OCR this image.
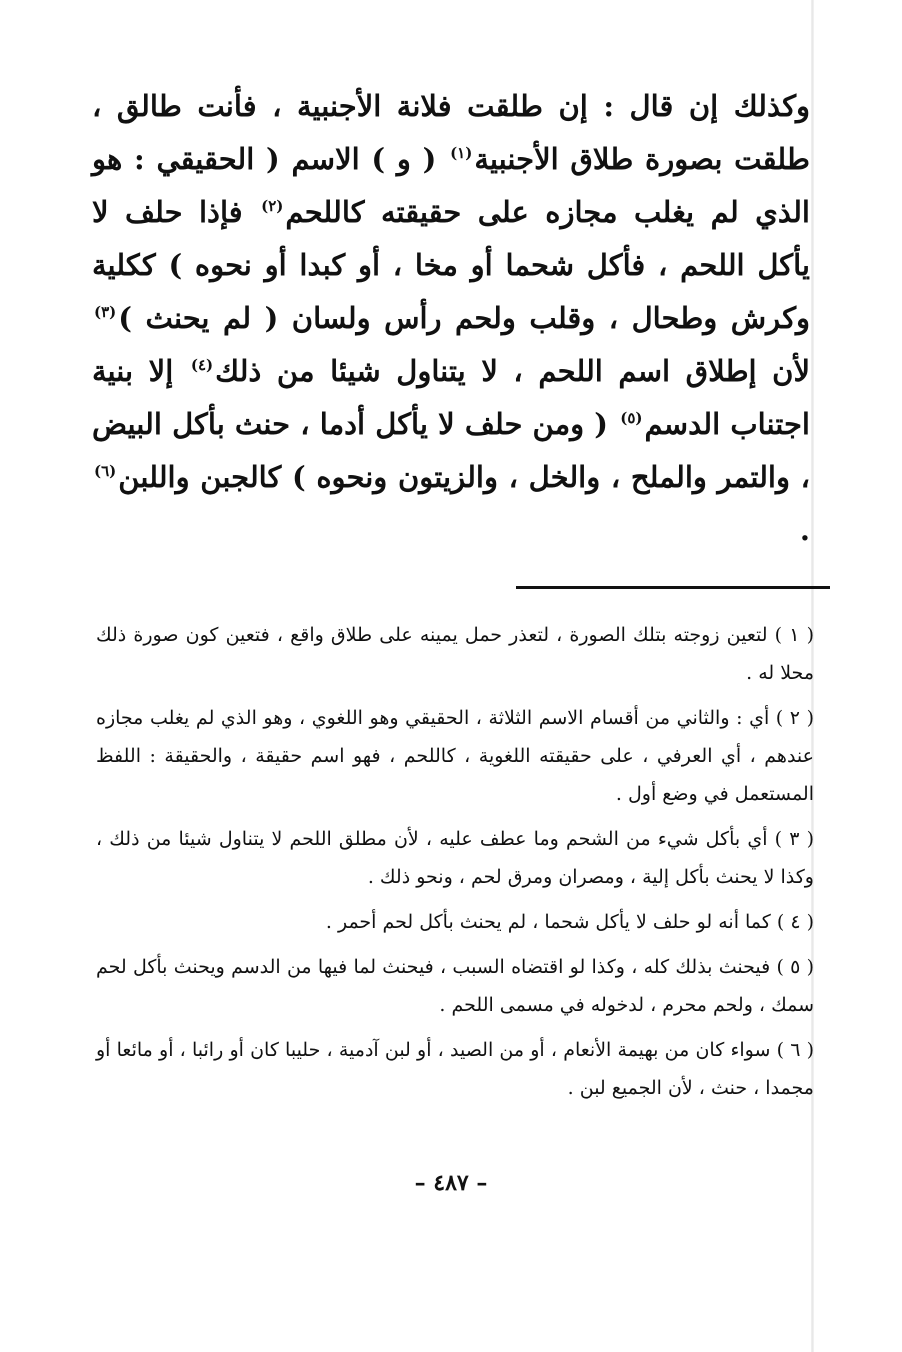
وكذلك إن قال : إن طلقت فلانة الأجنبية ، فأنت طالق ، طلقت بصورة طلاق الأجنبية$^{(١)}$ ( و ) الاسم ( الحقيقي : هو الذي لم يغلب مجازه على حقيقته كاللحم$^{(٢)}$ فإذا حلف لا يأكل اللحم ، فأكل شحما أو مخا ، أو كبدا أو نحوه ) ككلية وكرش وطحال ، وقلب ولحم رأس ولسان ( لم يحنث )$^{(٣)}$ لأن إطلاق اسم اللحم ، لا يتناول شيئا من ذلك$^{(٤)}$ إلا بنية اجتناب الدسم$^{(٥)}$ ( ومن حلف لا يأكل أدما ، حنث بأكل البيض ، والتمر والملح ، والخل ، والزيتون ونحوه ) كالجبن واللبن$^{(٦)}$ .

( ١ ) لتعين زوجته بتلك الصورة ، لتعذر حمل يمينه على طلاق واقع ، فتعين كون صورة ذلك محلا له .

( ٢ ) أي : والثاني من أقسام الاسم الثلاثة ، الحقيقي وهو اللغوي ، وهو الذي لم يغلب مجازه عندهم ، أي العرفي ، على حقيقته اللغوية ، كاللحم ، فهو اسم حقيقة ، والحقيقة : اللفظ المستعمل في وضع أول .

( ٣ ) أي بأكل شيء من الشحم وما عطف عليه ، لأن مطلق اللحم لا يتناول شيئا من ذلك ، وكذا لا يحنث بأكل إلية ، ومصران ومرق لحم ، ونحو ذلك .

( ٤ ) كما أنه لو حلف لا يأكل شحما ، لم يحنث بأكل لحم أحمر .

( ٥ ) فيحنث بذلك كله ، وكذا لو اقتضاه السبب ، فيحنث لما فيها من الدسم ويحنث بأكل لحم سمك ، ولحم محرم ، لدخوله في مسمى اللحم .

( ٦ ) سواء كان من بهيمة الأنعام ، أو من الصيد ، أو لبن آدمية ، حليبا كان أو رائبا ، أو مائعا أو مجمدا ، حنث ، لأن الجميع لبن .

– ٤٨٧ –
